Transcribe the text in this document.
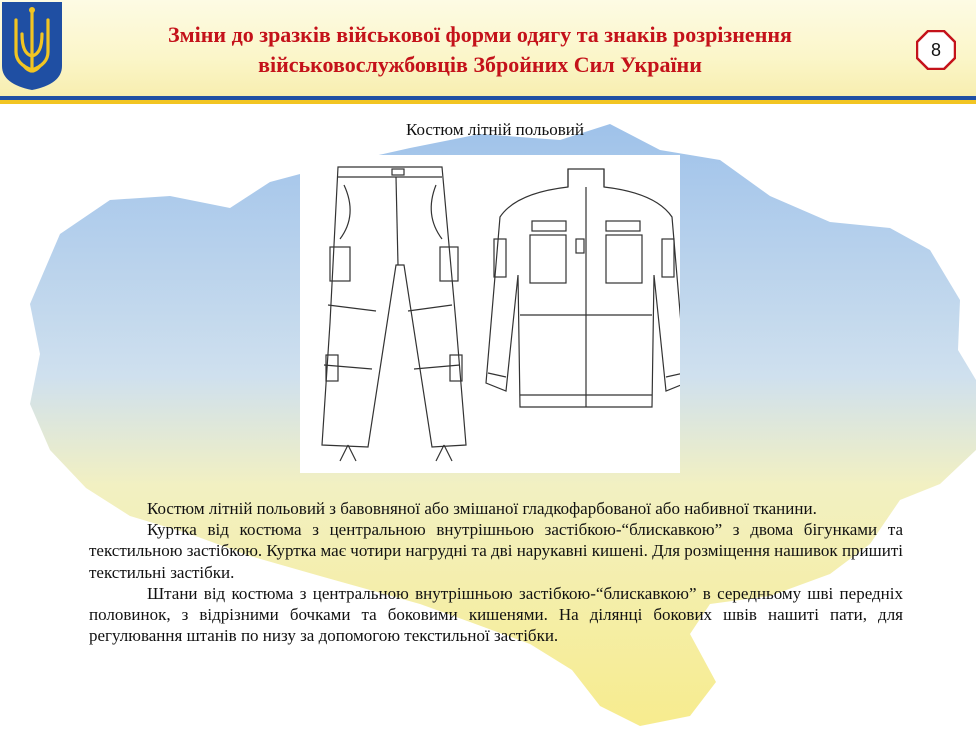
Зміни до зразків військової форми одягу та знаків розрізнення
військовослужбовців Збройних Сил України
8
Костюм літній польовий

Костюм літній польовий з бавовняної або змішаної гладкофарбованої або набивної тканини.

Куртка від костюма з центральною внутрішньою застібкою-“блискавкою” з двома бігунками та текстильною застібкою. Куртка має чотири нагрудні та дві нарукавні кишені. Для розміщення нашивок пришиті текстильні застібки.

Штани від костюма з центральною внутрішньою застібкою-“блискавкою” в середньому шві передніх половинок, з відрізними бочками та боковими кишенями. На ділянці бокових швів нашиті пати, для регулювання штанів по низу за допомогою текстильної застібки.
